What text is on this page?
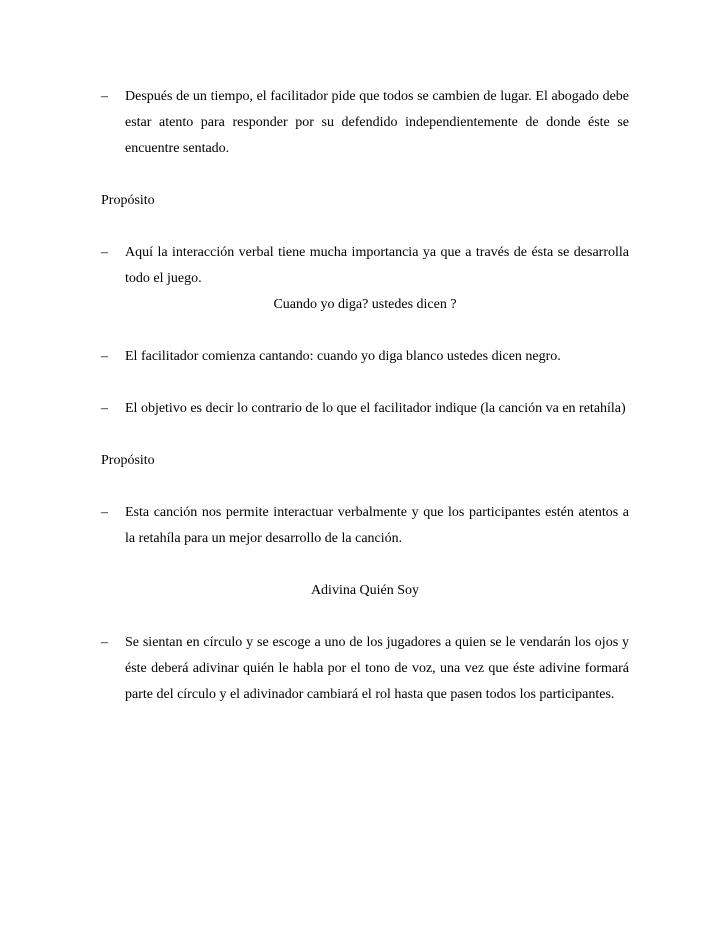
– Después de un tiempo, el facilitador pide que todos se cambien de lugar. El abogado debe estar atento para responder por su defendido independientemente de donde éste se encuentre sentado.
Propósito
– Aquí la interacción verbal tiene mucha importancia ya que a través de ésta se desarrolla todo el juego.
Cuando yo diga? ustedes dicen ?
– El facilitador comienza cantando: cuando yo diga blanco ustedes dicen negro.
– El objetivo es decir lo contrario de lo que el facilitador indique (la canción va en retahíla)
Propósito
– Esta canción nos permite interactuar verbalmente y que los participantes estén atentos a la retahíla para un mejor desarrollo de la canción.
Adivina Quién Soy
– Se sientan en círculo y se escoge a uno de los jugadores a quien se le vendarán los ojos y éste deberá adivinar quién le habla por el tono de voz, una vez que éste adivine formará parte del círculo y el adivinador cambiará el rol hasta que pasen todos los participantes.
